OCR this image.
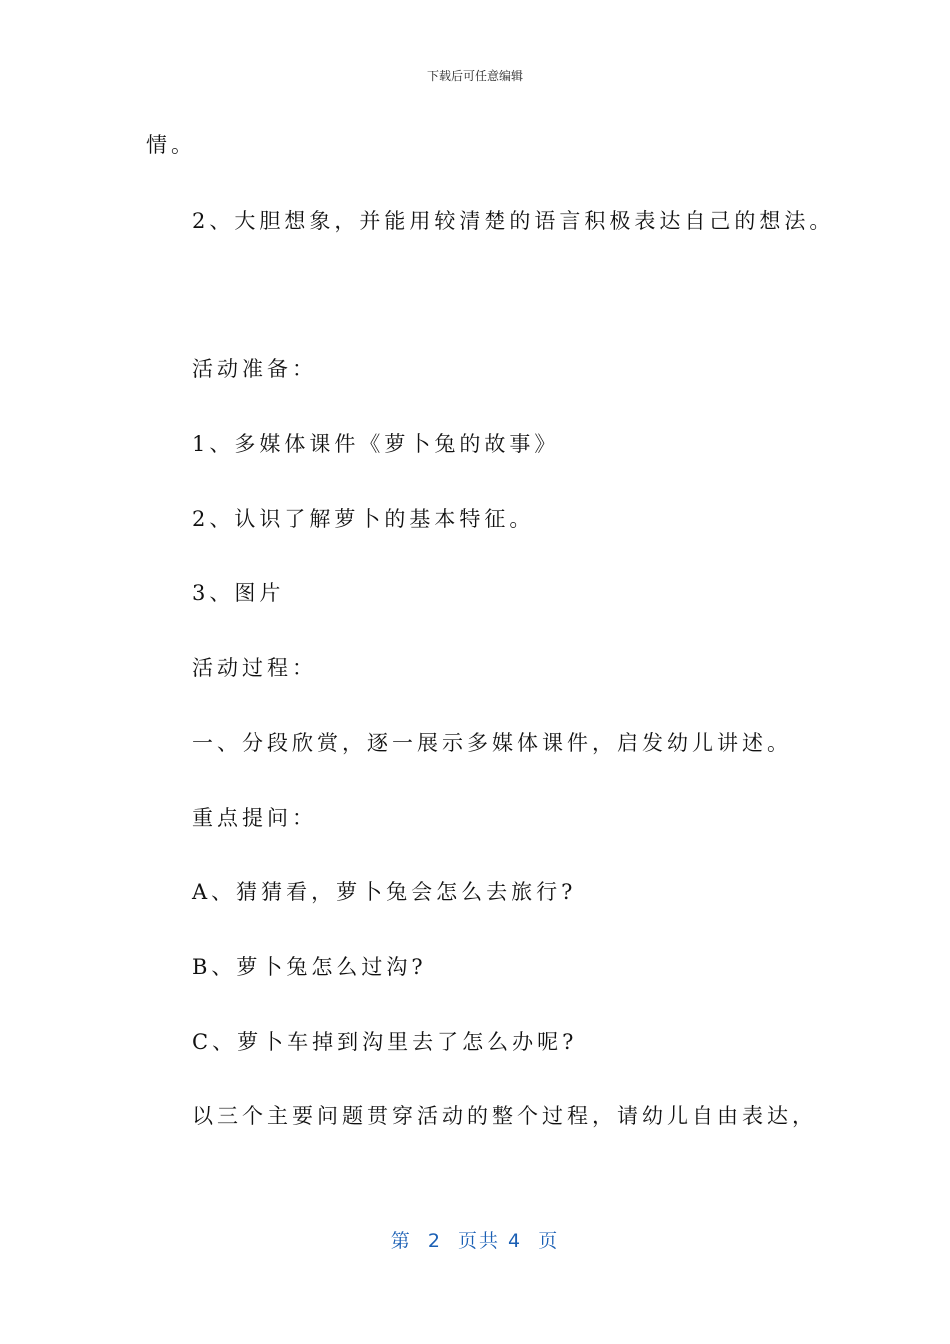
下载后可任意编辑
情。
2、大胆想象，并能用较清楚的语言积极表达自己的想法。
活动准备：
1、多媒体课件《萝卜兔的故事》
2、认识了解萝卜的基本特征。
3、图片
活动过程：
一、分段欣赏，逐一展示多媒体课件，启发幼儿讲述。
重点提问：
A、猜猜看，萝卜兔会怎么去旅行?
B、萝卜兔怎么过沟?
C、萝卜车掉到沟里去了怎么办呢?
以三个主要问题贯穿活动的整个过程，请幼儿自由表达，
第  2  页共 4  页
